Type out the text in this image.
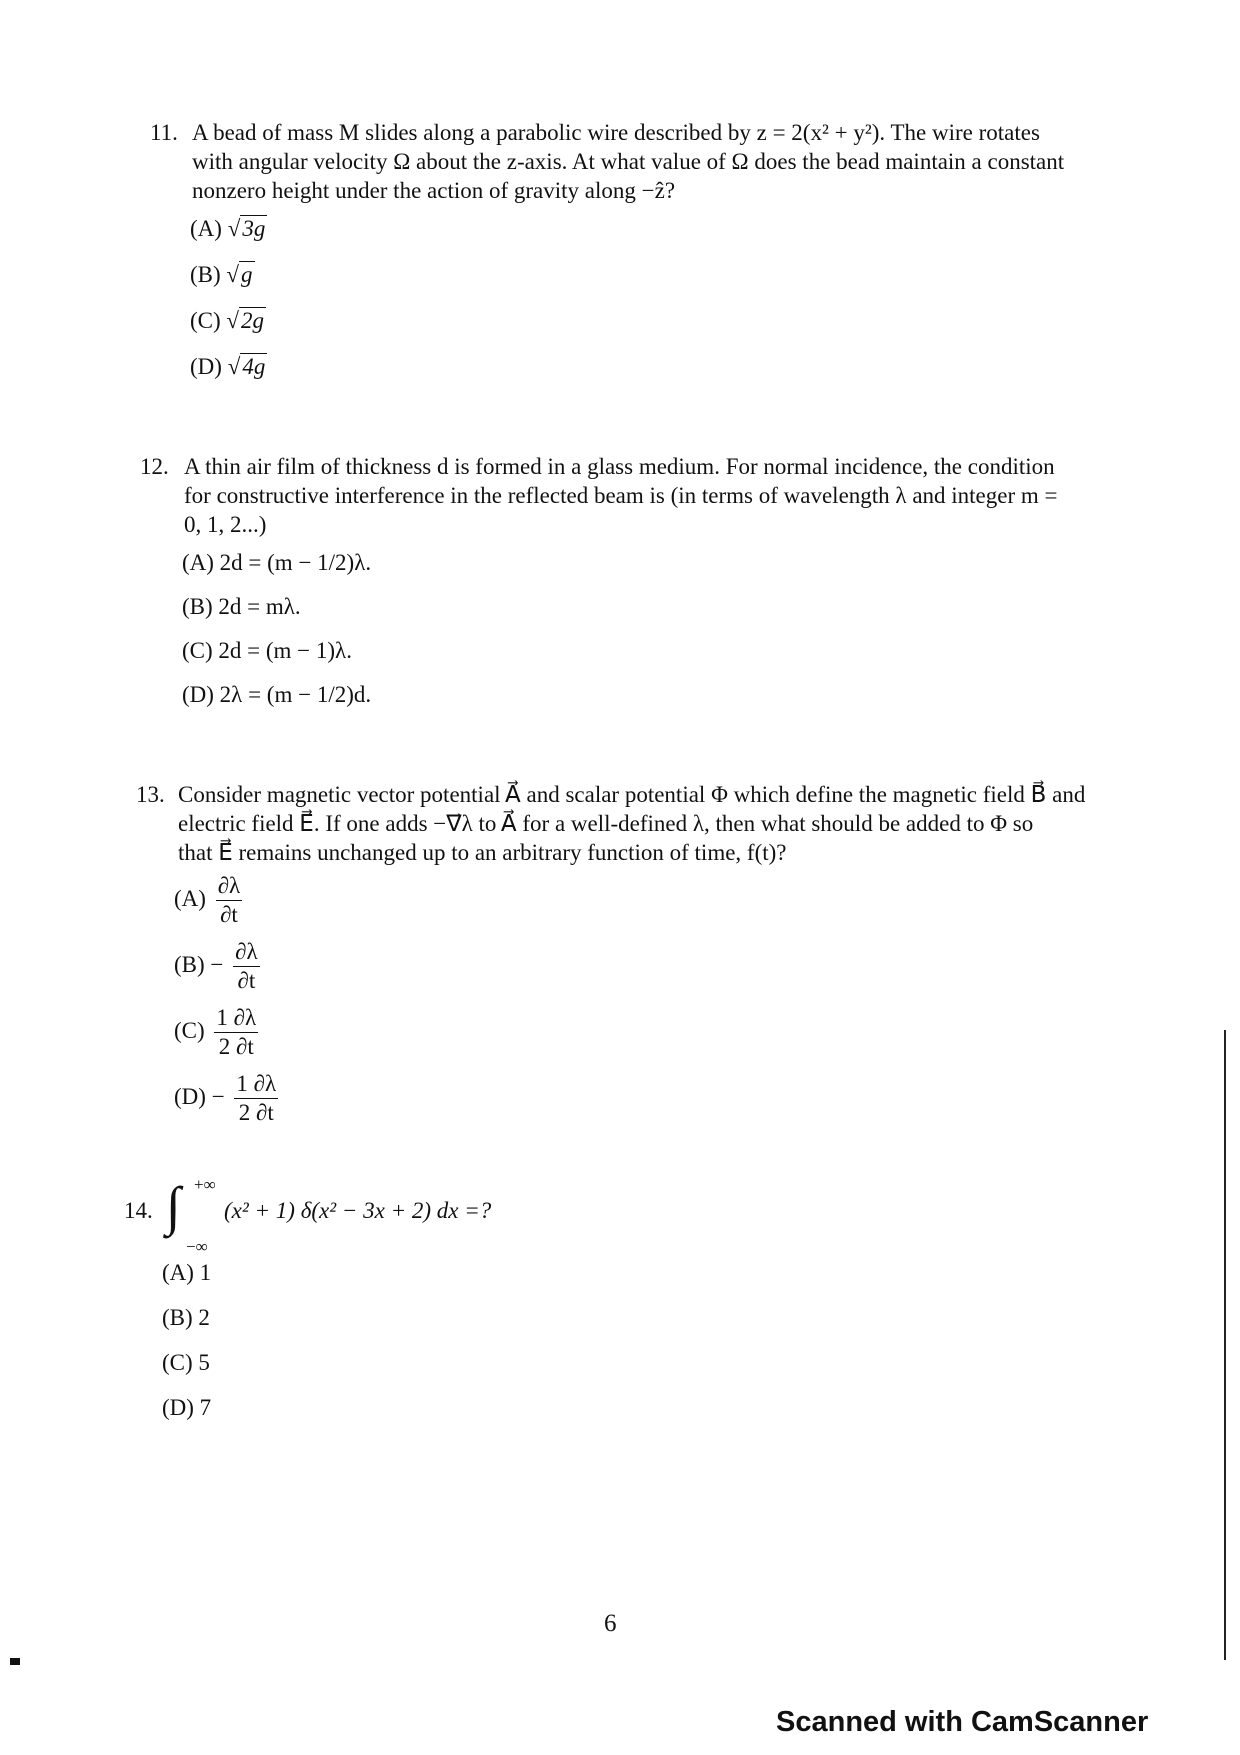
11. A bead of mass M slides along a parabolic wire described by z = 2(x² + y²). The wire rotates
with angular velocity Ω about the z-axis. At what value of Ω does the bead maintain a constant
nonzero height under the action of gravity along −ẑ?
(A) √3g
(B) √g
(C) √2g
(D) √4g
12. A thin air film of thickness d is formed in a glass medium. For normal incidence, the condition
for constructive interference in the reflected beam is (in terms of wavelength λ and integer m =
0, 1, 2...)
(A) 2d = (m − 1/2)λ.
(B) 2d = mλ.
(C) 2d = (m − 1)λ.
(D) 2λ = (m − 1/2)d.
13. Consider magnetic vector potential A⃗ and scalar potential Φ which define the magnetic field B⃗ and
electric field E⃗. If one adds −∇⃗λ to A⃗ for a well-defined λ, then what should be added to Φ so
that E⃗ remains unchanged up to an arbitrary function of time, f(t)?
$(A) \frac{\partial\lambda}{\partial t}$
$(B) - \frac{\partial\lambda}{\partial t}$
$(C) \frac{1 \partial\lambda}{2 \partial t}$
$(D) - \frac{1 \partial\lambda}{2 \partial t}$
14. ∫ +∞
−∞
(x² + 1) δ(x² − 3x + 2) dx =?
(A) 1
(B) 2
(C) 5
(D) 7
6
Scanned with CamScanner
